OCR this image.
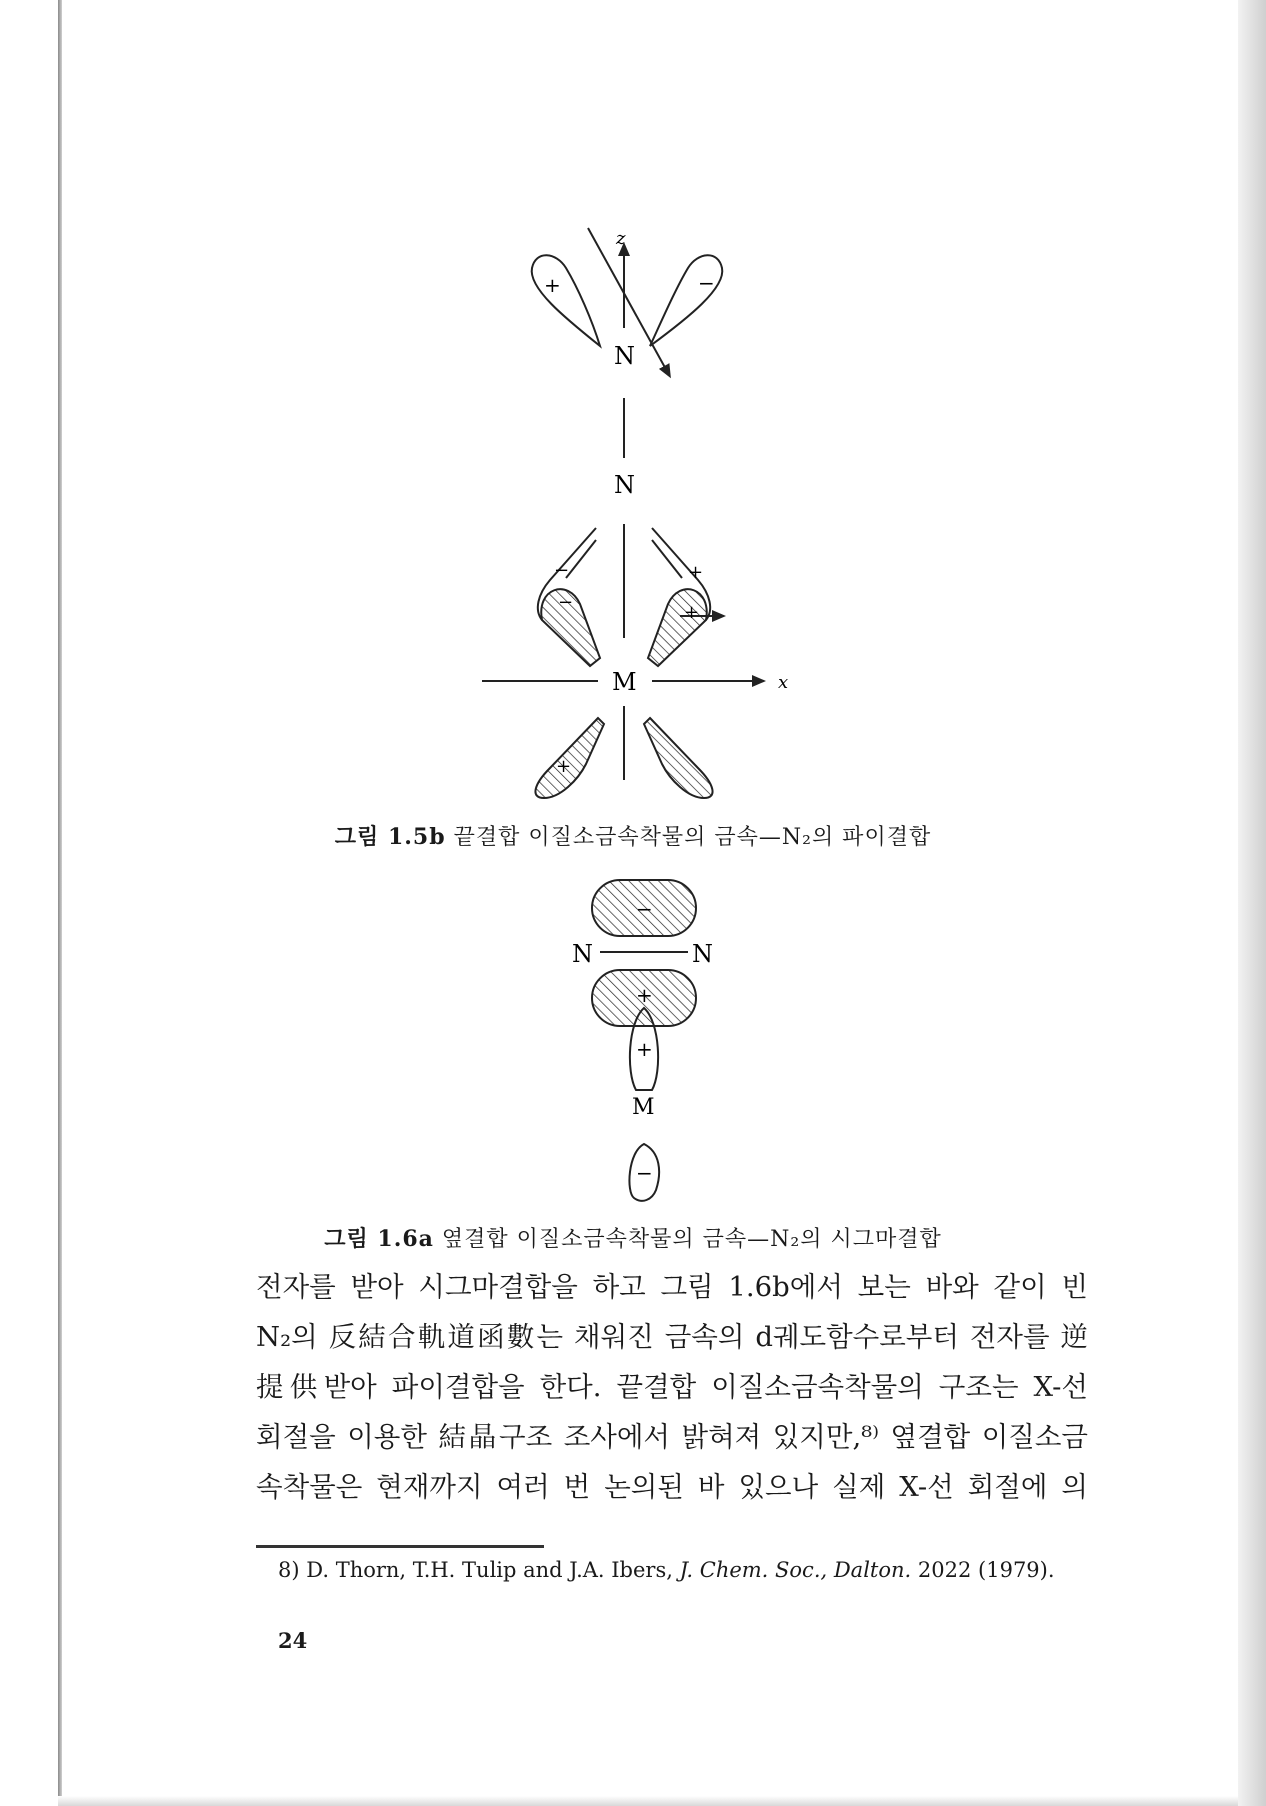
z
x
N
N
M
+	−
−
−
+
+
+
그림 1.5b 끝결합 이질소금속착물의 금속—N₂의 파이결합
N	N
M
−
+
+
−
그림 1.6a 옆결합 이질소금속착물의 금속—N₂의 시그마결합
전자를 받아 시그마결합을 하고 그림 1.6b에서 보는 바와 같이 빈
N₂의 反結合軌道函數는 채워진 금속의 d궤도함수로부터 전자를 逆
提供받아 파이결합을 한다. 끝결합 이질소금속착물의 구조는 X-선
회절을 이용한 結晶구조 조사에서 밝혀져 있지만,⁸⁾ 옆결합 이질소금
속착물은 현재까지 여러 번 논의된 바 있으나 실제 X-선 회절에 의
8) D. Thorn, T.H. Tulip and J.A. Ibers, J. Chem. Soc., Dalton. 2022 (1979).
24
